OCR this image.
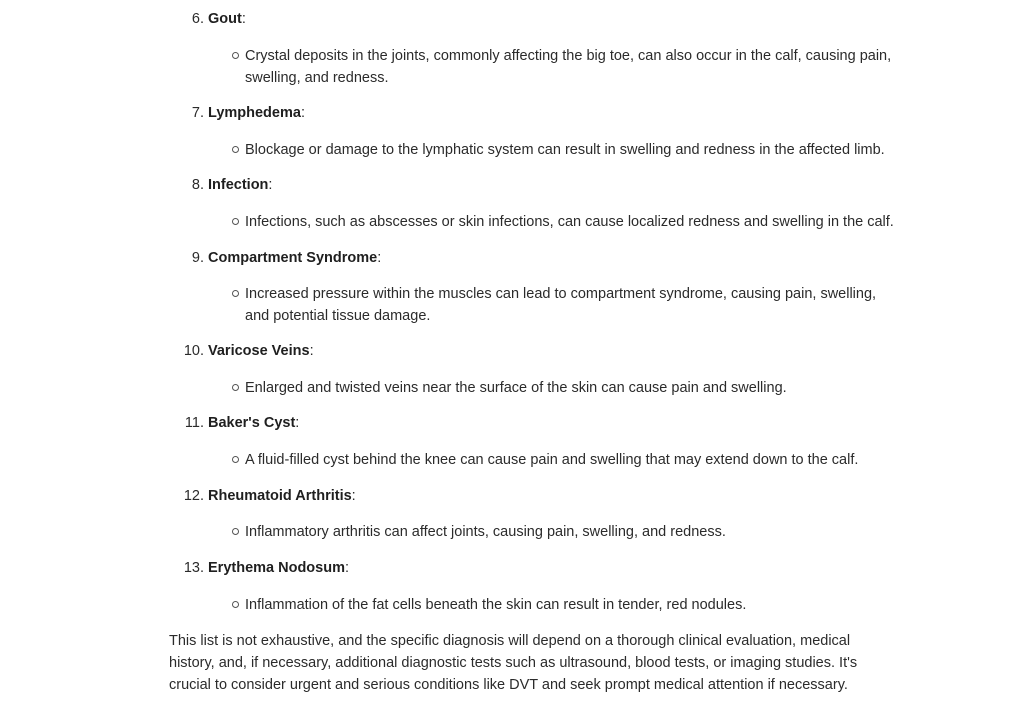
6. Gout:
Crystal deposits in the joints, commonly affecting the big toe, can also occur in the calf, causing pain, swelling, and redness.
7. Lymphedema:
Blockage or damage to the lymphatic system can result in swelling and redness in the affected limb.
8. Infection:
Infections, such as abscesses or skin infections, can cause localized redness and swelling in the calf.
9. Compartment Syndrome:
Increased pressure within the muscles can lead to compartment syndrome, causing pain, swelling, and potential tissue damage.
10. Varicose Veins:
Enlarged and twisted veins near the surface of the skin can cause pain and swelling.
11. Baker's Cyst:
A fluid-filled cyst behind the knee can cause pain and swelling that may extend down to the calf.
12. Rheumatoid Arthritis:
Inflammatory arthritis can affect joints, causing pain, swelling, and redness.
13. Erythema Nodosum:
Inflammation of the fat cells beneath the skin can result in tender, red nodules.

This list is not exhaustive, and the specific diagnosis will depend on a thorough clinical evaluation, medical history, and, if necessary, additional diagnostic tests such as ultrasound, blood tests, or imaging studies. It's crucial to consider urgent and serious conditions like DVT and seek prompt medical attention if necessary.
